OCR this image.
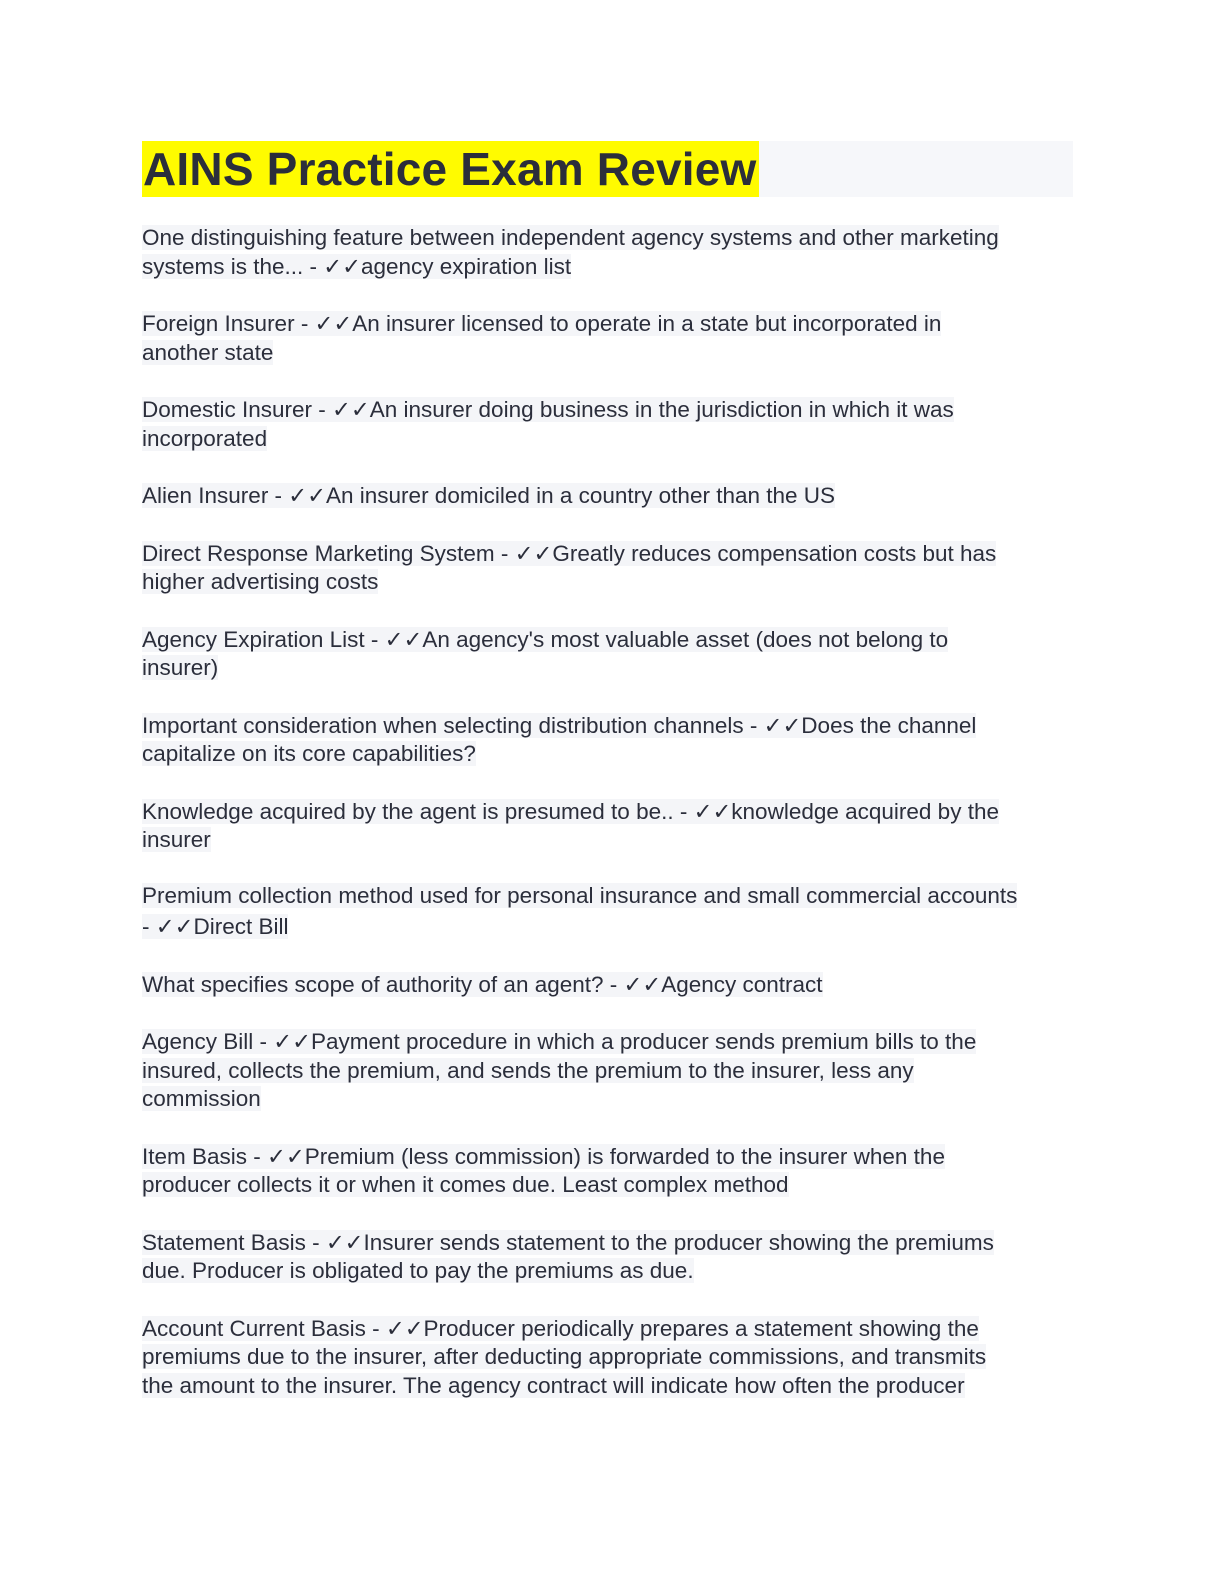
AINS Practice Exam Review
One distinguishing feature between independent agency systems and other marketing
systems is the... - ✓✓agency expiration list
Foreign Insurer - ✓✓An insurer licensed to operate in a state but incorporated in
another state
Domestic Insurer - ✓✓An insurer doing business in the jurisdiction in which it was
incorporated
Alien Insurer - ✓✓An insurer domiciled in a country other than the US
Direct Response Marketing System - ✓✓Greatly reduces compensation costs but has
higher advertising costs
Agency Expiration List - ✓✓An agency's most valuable asset (does not belong to
insurer)
Important consideration when selecting distribution channels - ✓✓Does the channel
capitalize on its core capabilities?
Knowledge acquired by the agent is presumed to be.. - ✓✓knowledge acquired by the
insurer
Premium collection method used for personal insurance and small commercial accounts
- ✓✓Direct Bill
What specifies scope of authority of an agent? - ✓✓Agency contract
Agency Bill - ✓✓Payment procedure in which a producer sends premium bills to the
insured, collects the premium, and sends the premium to the insurer, less any
commission
Item Basis - ✓✓Premium (less commission) is forwarded to the insurer when the
producer collects it or when it comes due. Least complex method
Statement Basis - ✓✓Insurer sends statement to the producer showing the premiums
due. Producer is obligated to pay the premiums as due.
Account Current Basis - ✓✓Producer periodically prepares a statement showing the
premiums due to the insurer, after deducting appropriate commissions, and transmits
the amount to the insurer. The agency contract will indicate how often the producer
